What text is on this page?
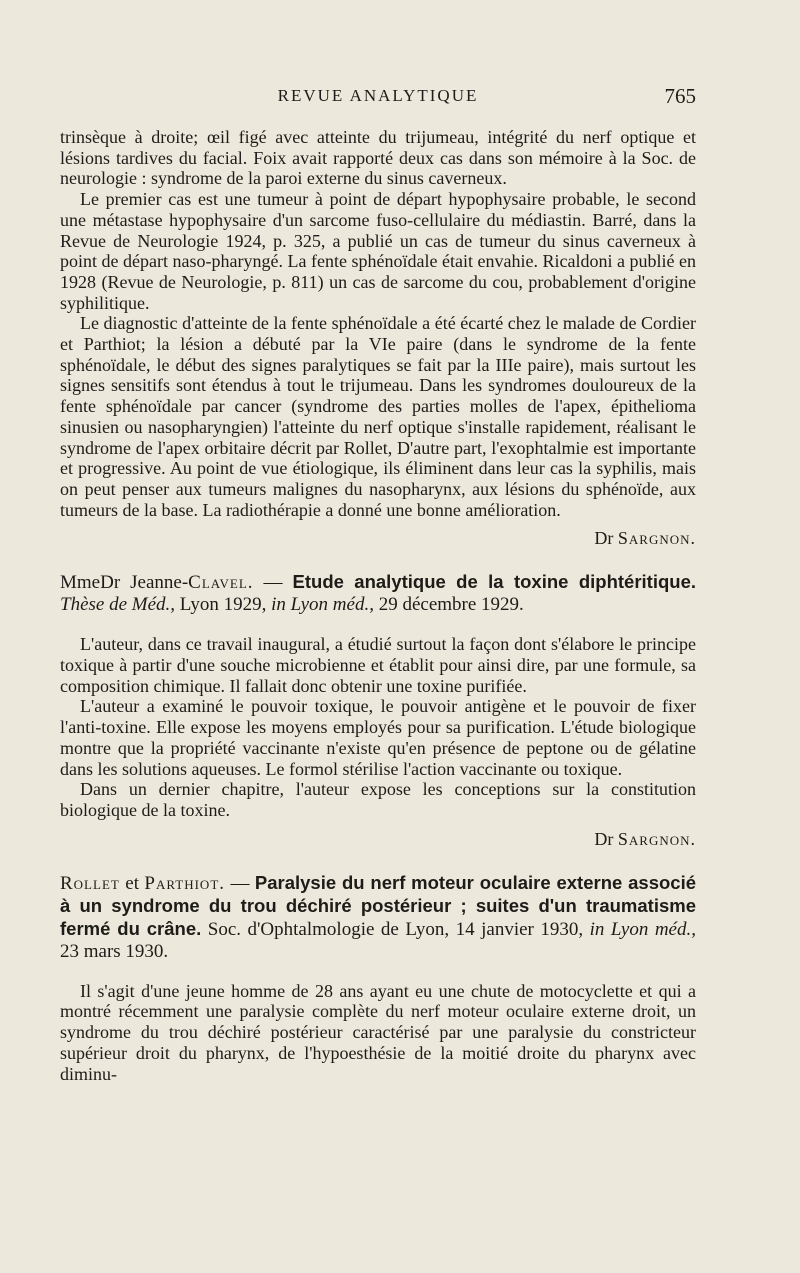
REVUE ANALYTIQUE	765

trinsèque à droite; œil figé avec atteinte du trijumeau, intégrité du nerf optique et lésions tardives du facial. Foix avait rapporté deux cas dans son mémoire à la Soc. de neurologie : syndrome de la paroi externe du sinus caverneux.

Le premier cas est une tumeur à point de départ hypophysaire probable, le second une métastase hypophysaire d'un sarcome fuso-cellulaire du médiastin. Barré, dans la Revue de Neurologie 1924, p. 325, a publié un cas de tumeur du sinus caverneux à point de départ naso-pharyngé. La fente sphénoïdale était envahie. Ricaldoni a publié en 1928 (Revue de Neurologie, p. 811) un cas de sarcome du cou, probablement d'origine syphilitique.

Le diagnostic d'atteinte de la fente sphénoïdale a été écarté chez le malade de Cordier et Parthiot; la lésion a débuté par la VIe paire (dans le syndrome de la fente sphénoïdale, le début des signes paralytiques se fait par la IIIe paire), mais surtout les signes sensitifs sont étendus à tout le trijumeau. Dans les syndromes douloureux de la fente sphénoïdale par cancer (syndrome des parties molles de l'apex, épithelioma sinusien ou nasopharyngien) l'atteinte du nerf optique s'installe rapidement, réalisant le syndrome de l'apex orbitaire décrit par Rollet, D'autre part, l'exophtalmie est importante et progressive. Au point de vue étiologique, ils éliminent dans leur cas la syphilis, mais on peut penser aux tumeurs malignes du nasopharynx, aux lésions du sphénoïde, aux tumeurs de la base. La radiothérapie a donné une bonne amélioration.

Dr Sargnon.
MmeDr Jeanne-Clavel. — Etude analytique de la toxine diphtéritique. Thèse de Méd., Lyon 1929, in Lyon méd., 29 décembre 1929.

L'auteur, dans ce travail inaugural, a étudié surtout la façon dont s'élabore le principe toxique à partir d'une souche microbienne et établit pour ainsi dire, par une formule, sa composition chimique. Il fallait donc obtenir une toxine purifiée.

L'auteur a examiné le pouvoir toxique, le pouvoir antigène et le pouvoir de fixer l'anti-toxine. Elle expose les moyens employés pour sa purification. L'étude biologique montre que la propriété vaccinante n'existe qu'en présence de peptone ou de gélatine dans les solutions aqueuses. Le formol stérilise l'action vaccinante ou toxique.

Dans un dernier chapitre, l'auteur expose les conceptions sur la constitution biologique de la toxine.

Dr Sargnon.
Rollet et Parthiot. — Paralysie du nerf moteur oculaire externe associé à un syndrome du trou déchiré postérieur ; suites d'un traumatisme fermé du crâne. Soc. d'Ophtalmologie de Lyon, 14 janvier 1930, in Lyon méd., 23 mars 1930.

Il s'agit d'une jeune homme de 28 ans ayant eu une chute de motocyclette et qui a montré récemment une paralysie complète du nerf moteur oculaire externe droit, un syndrome du trou déchiré postérieur caractérisé par une paralysie du constricteur supérieur droit du pharynx, de l'hypoesthésie de la moitié droite du pharynx avec diminu-
